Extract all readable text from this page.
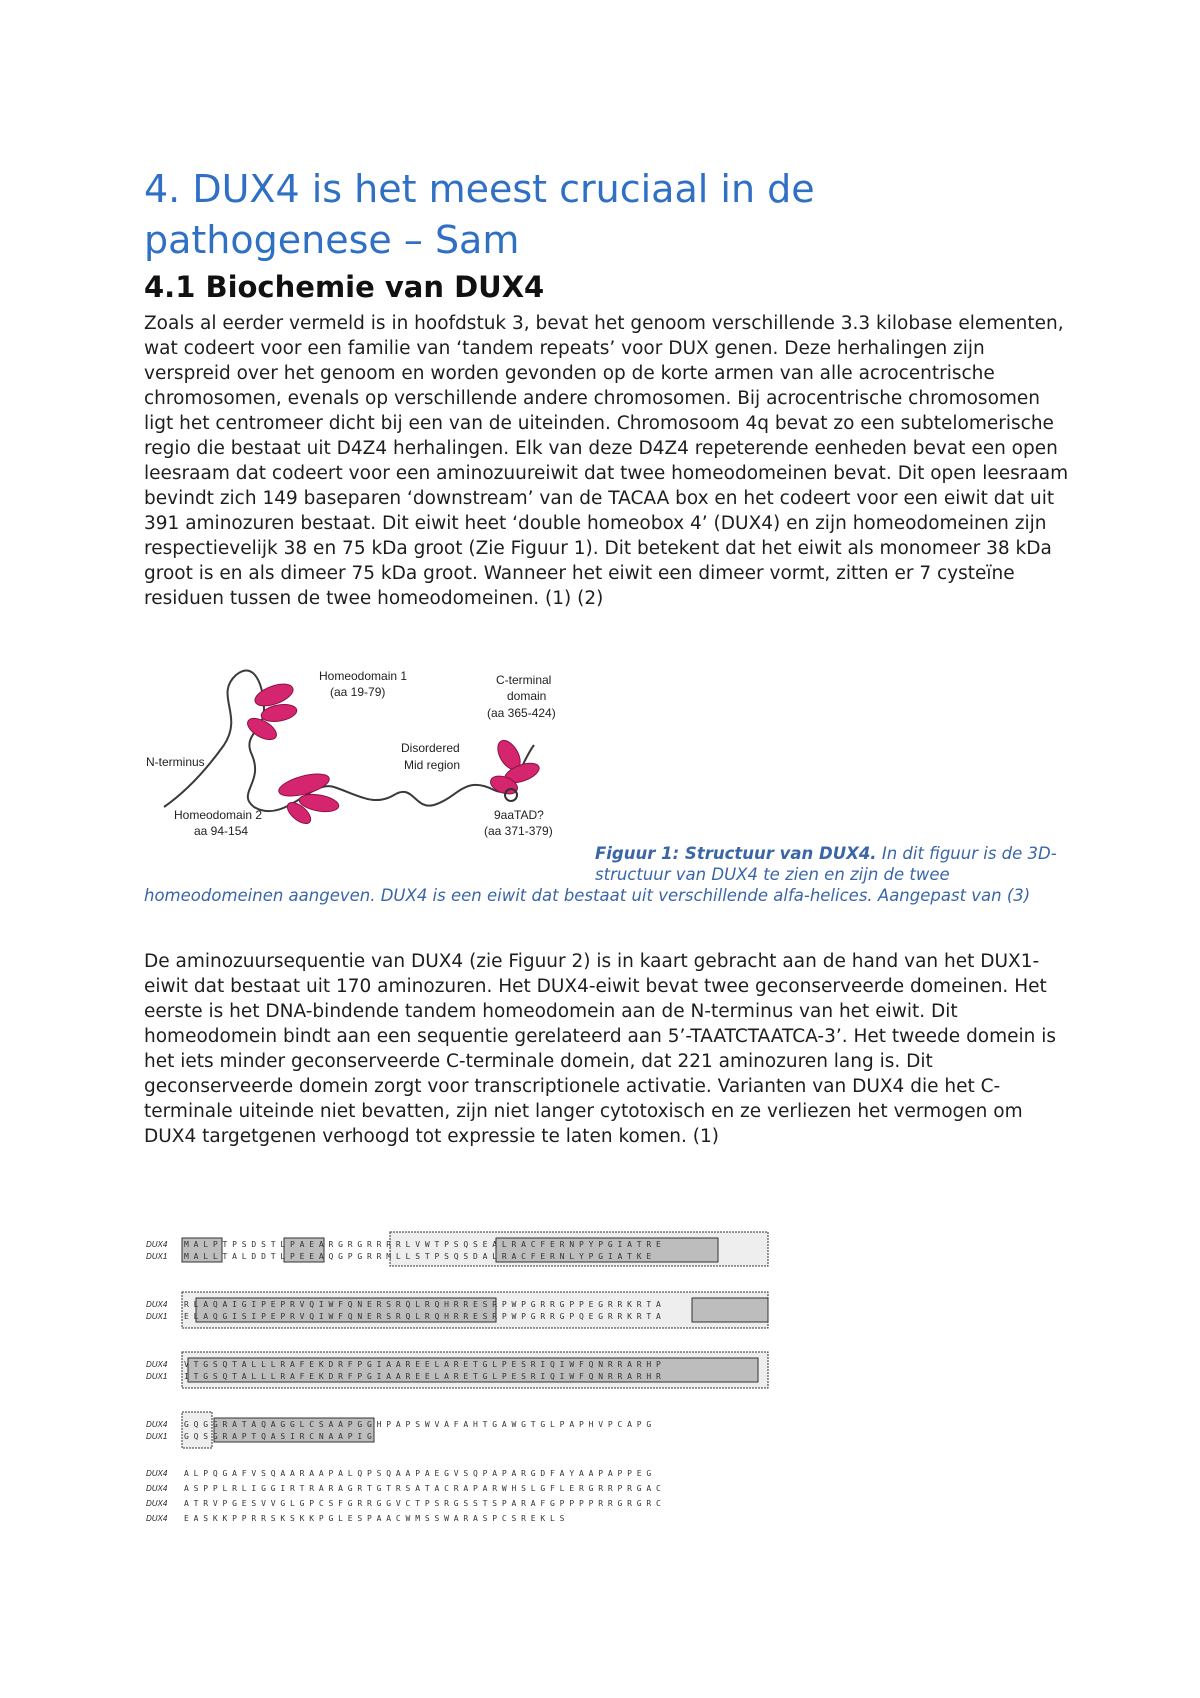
4. DUX4 is het meest cruciaal in de pathogenese – Sam
4.1 Biochemie van DUX4

Zoals al eerder vermeld is in hoofdstuk 3, bevat het genoom verschillende 3.3 kilobase elementen, wat codeert voor een familie van ‘tandem repeats’ voor DUX genen. Deze herhalingen zijn verspreid over het genoom en worden gevonden op de korte armen van alle acrocentrische chromosomen, evenals op verschillende andere chromosomen. Bij acrocentrische chromosomen ligt het centromeer dicht bij een van de uiteinden. Chromosoom 4q bevat zo een subtelomerische regio die bestaat uit D4Z4 herhalingen. Elk van deze D4Z4 repeterende eenheden bevat een open leesraam dat codeert voor een aminozuureiwit dat twee homeodomeinen bevat. Dit open leesraam bevindt zich 149 baseparen ‘downstream’ van de TACAA box en het codeert voor een eiwit dat uit 391 aminozuren bestaat. Dit eiwit heet ‘double homeobox 4’ (DUX4) en zijn homeodomeinen zijn respectievelijk 38 en 75 kDa groot (Zie Figuur 1). Dit betekent dat het eiwit als monomeer 38 kDa groot is en als dimeer 75 kDa groot. Wanneer het eiwit een dimeer vormt, zitten er 7 cysteïne residuen tussen de twee homeodomeinen. (1) (2)

Homeodomain 1
(aa 19-79)
C-terminal
domain
(aa 365-424)
N-terminus
Disordered
Mid region
Homeodomain 2
aa 94-154
9aaTAD?
(aa 371-379)
Figuur 1: Structuur van DUX4. In dit figuur is de 3D-structuur van DUX4 te zien en zijn de twee
homeodomeinen aangeven. DUX4 is een eiwit dat bestaat uit verschillende alfa-helices. Aangepast van (3)

De aminozuursequentie van DUX4 (zie Figuur 2) is in kaart gebracht aan de hand van het DUX1-eiwit dat bestaat uit 170 aminozuren. Het DUX4-eiwit bevat twee geconserveerde domeinen. Het eerste is het DNA-bindende tandem homeodomein aan de N-terminus van het eiwit. Dit homeodomein bindt aan een sequentie gerelateerd aan 5’-TAATCTAATCA-3’. Het tweede domein is het iets minder geconserveerde C-terminale domein, dat 221 aminozuren lang is. Dit geconserveerde domein zorgt voor transcriptionele activatie. Varianten van DUX4 die het C-terminale uiteinde niet bevatten, zijn niet langer cytotoxisch en ze verliezen het vermogen om DUX4 targetgenen verhoogd tot expressie te laten komen. (1)

DUX4
DUX1
M A L P T P S D S T L P A E A R G R G R R R R L V W T P S Q S E A L R A C F E R N P Y P G I A T R E
M A L L T A L D D T L P E E A Q G P G R R M L L S T P S Q S D A L R A C F E R N L Y P G I A T K E
DUX4
DUX1
R L A Q A I G I P E P R V Q I W F Q N E R S R Q L R Q H R R E S R P W P G R R G P P E G R R K R T A
E L A Q G I S I P E P R V Q I W F Q N E R S R Q L R Q H R R E S R P W P G R R G P Q E G R R K R T A
DUX4
DUX1
V T G S Q T A L L L R A F E K D R F P G I A A R E E L A R E T G L P E S R I Q I W F Q N R R A R H P
I T G S Q T A L L L R A F E K D R F P G I A A R E E L A R E T G L P E S R I Q I W F Q N R R A R H R
DUX4
DUX1
G Q G G R A T A Q A G G L C S A A P G G H P A P S W V A F A H T G A W G T G L P A P H V P C A P G
G Q S G R A P T Q A S I R C N A A P I G
DUX4
DUX4
DUX4
DUX4
A L P Q G A F V S Q A A R A A P A L Q P S Q A A P A E G V S Q P A P A R G D F A Y A A P A P P E G
A S P P L R L I G G I R T R A R A G R T G T R S A T A C R A P A R W H S L G F L E R G R R P R G A C
A T R V P G E S V V G L G P C S F G R R G G V C T P S R G S S T S P A R A F G P P P P R R G R G R C
E A S K K P P R R S K S K K P G L E S P A A C W M S S W A R A S P C S R E K L S
